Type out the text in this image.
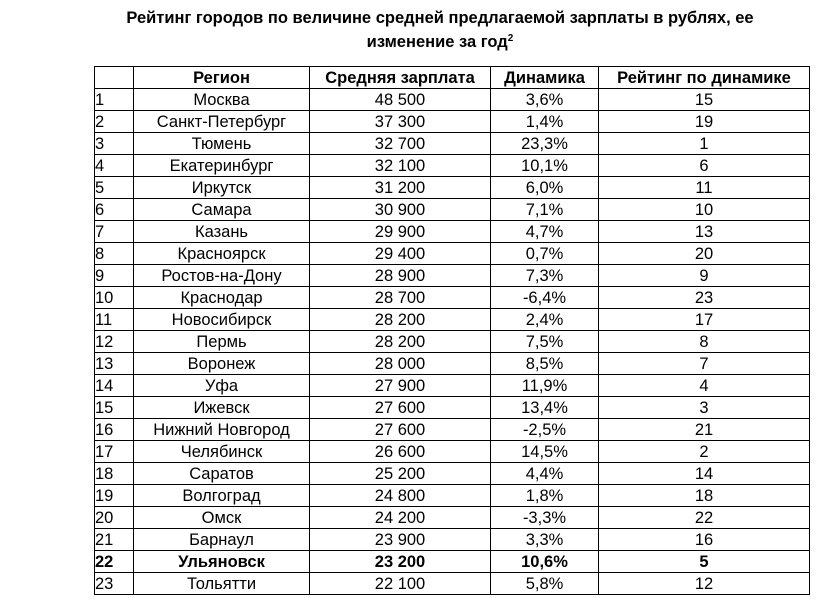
Рейтинг городов по величине средней предлагаемой зарплаты в рублях, ее
изменение за год$^2$
	Регион	Средняя зарплата	Динамика	Рейтинг по динамике
1	Москва	48 500	3,6%	15
2	Санкт-Петербург	37 300	1,4%	19
3	Тюмень	32 700	23,3%	1
4	Екатеринбург	32 100	10,1%	6
5	Иркутск	31 200	6,0%	11
6	Самара	30 900	7,1%	10
7	Казань	29 900	4,7%	13
8	Красноярск	29 400	0,7%	20
9	Ростов-на-Дону	28 900	7,3%	9
10	Краснодар	28 700	-6,4%	23
11	Новосибирск	28 200	2,4%	17
12	Пермь	28 200	7,5%	8
13	Воронеж	28 000	8,5%	7
14	Уфа	27 900	11,9%	4
15	Ижевск	27 600	13,4%	3
16	Нижний Новгород	27 600	-2,5%	21
17	Челябинск	26 600	14,5%	2
18	Саратов	25 200	4,4%	14
19	Волгоград	24 800	1,8%	18
20	Омск	24 200	-3,3%	22
21	Барнаул	23 900	3,3%	16
22	Ульяновск	23 200	10,6%	5
23	Тольятти	22 100	5,8%	12
